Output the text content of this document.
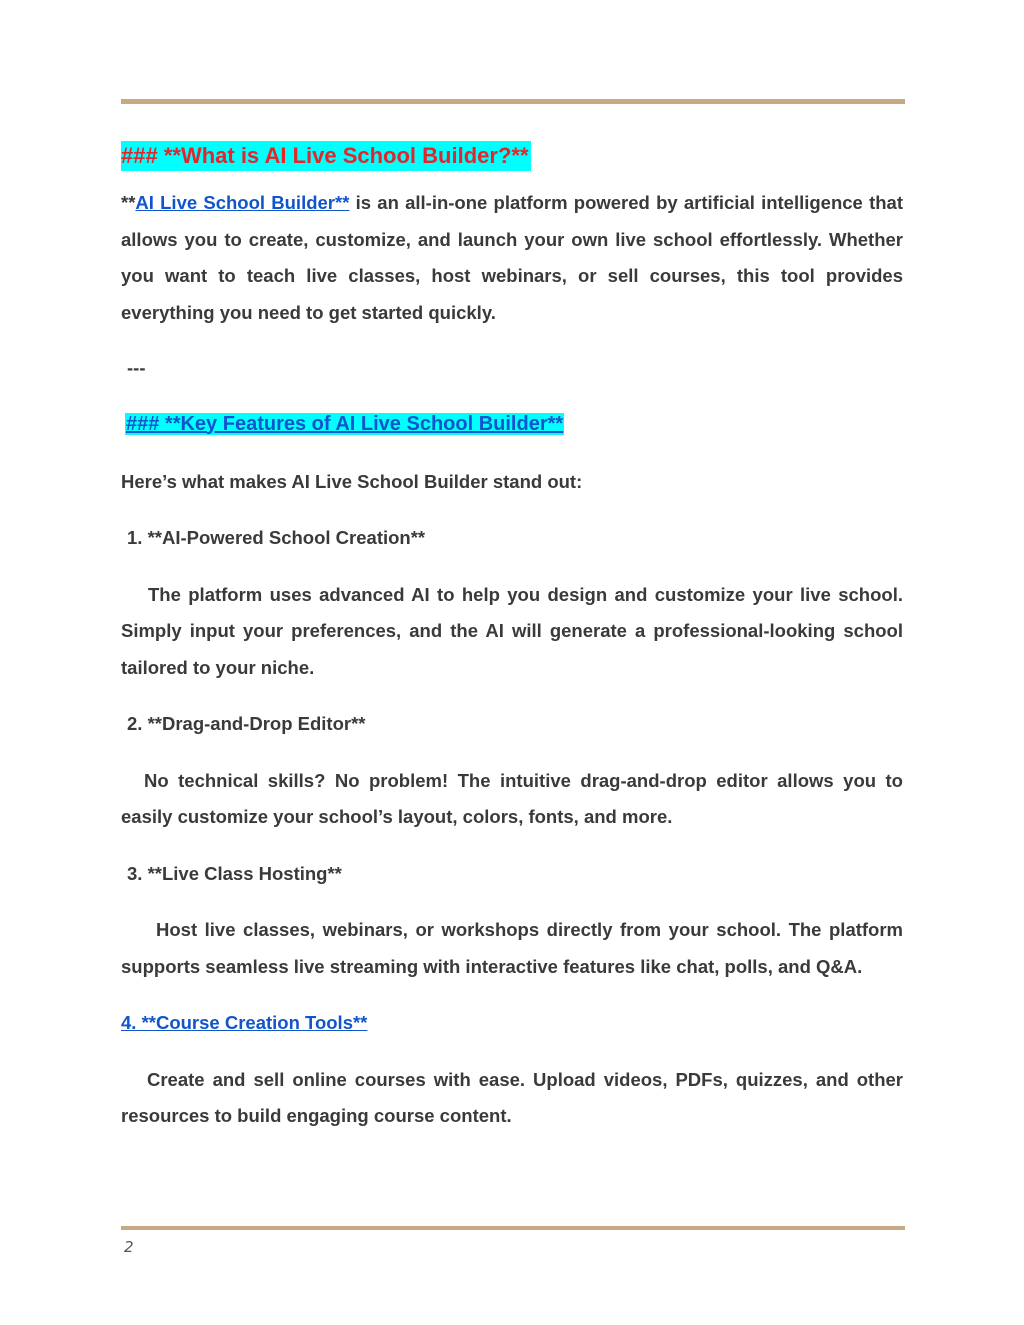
### **What is AI Live School Builder?**

**AI Live School Builder** is an all-in-one platform powered by artificial intelligence that allows you to create, customize, and launch your own live school effortlessly. Whether you want to teach live classes, host webinars, or sell courses, this tool provides everything you need to get started quickly.

---
### **Key Features of AI Live School Builder**
Here’s what makes AI Live School Builder stand out:
1. **AI-Powered School Creation**

The platform uses advanced AI to help you design and customize your live school. Simply input your preferences, and the AI will generate a professional-looking school tailored to your niche.

2. **Drag-and-Drop Editor**

No technical skills? No problem! The intuitive drag-and-drop editor allows you to easily customize your school’s layout, colors, fonts, and more.

3. **Live Class Hosting**

Host live classes, webinars, or workshops directly from your school. The platform supports seamless live streaming with interactive features like chat, polls, and Q&A.

4. **Course Creation Tools**

Create and sell online courses with ease. Upload videos, PDFs, quizzes, and other resources to build engaging course content.

2
